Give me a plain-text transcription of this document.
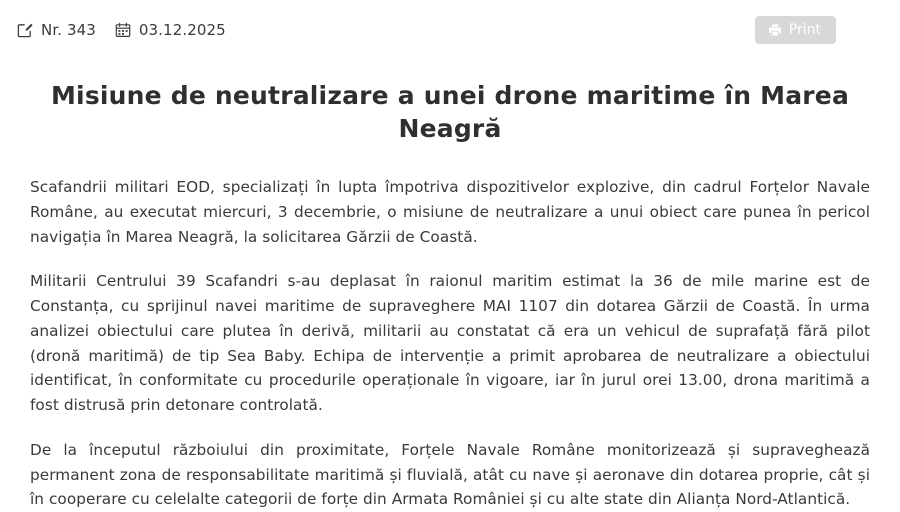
Nr. 343	03.12.2025	Print
Misiune de neutralizare a unei drone maritime în Marea Neagră

Scafandrii militari EOD, specializați în lupta împotriva dispozitivelor explozive, din cadrul Forțelor Navale Române, au executat miercuri, 3 decembrie, o misiune de neutralizare a unui obiect care punea în pericol navigația în Marea Neagră, la solicitarea Gărzii de Coastă.

Militarii Centrului 39 Scafandri s-au deplasat în raionul maritim estimat la 36 de mile marine est de Constanța, cu sprijinul navei maritime de supraveghere MAI 1107 din dotarea Gărzii de Coastă. În urma analizei obiectului care plutea în derivă, militarii au constatat că era un vehicul de suprafață fără pilot (dronă maritimă) de tip Sea Baby. Echipa de intervenție a primit aprobarea de neutralizare a obiectului identificat, în conformitate cu procedurile operaționale în vigoare, iar în jurul orei 13.00, drona maritimă a fost distrusă prin detonare controlată.

De la începutul războiului din proximitate, Forțele Navale Române monitorizează și supraveghează permanent zona de responsabilitate maritimă și fluvială, atât cu nave și aeronave din dotarea proprie, cât și în cooperare cu celelalte categorii de forțe din Armata României și cu alte state din Alianța Nord-Atlantică.
